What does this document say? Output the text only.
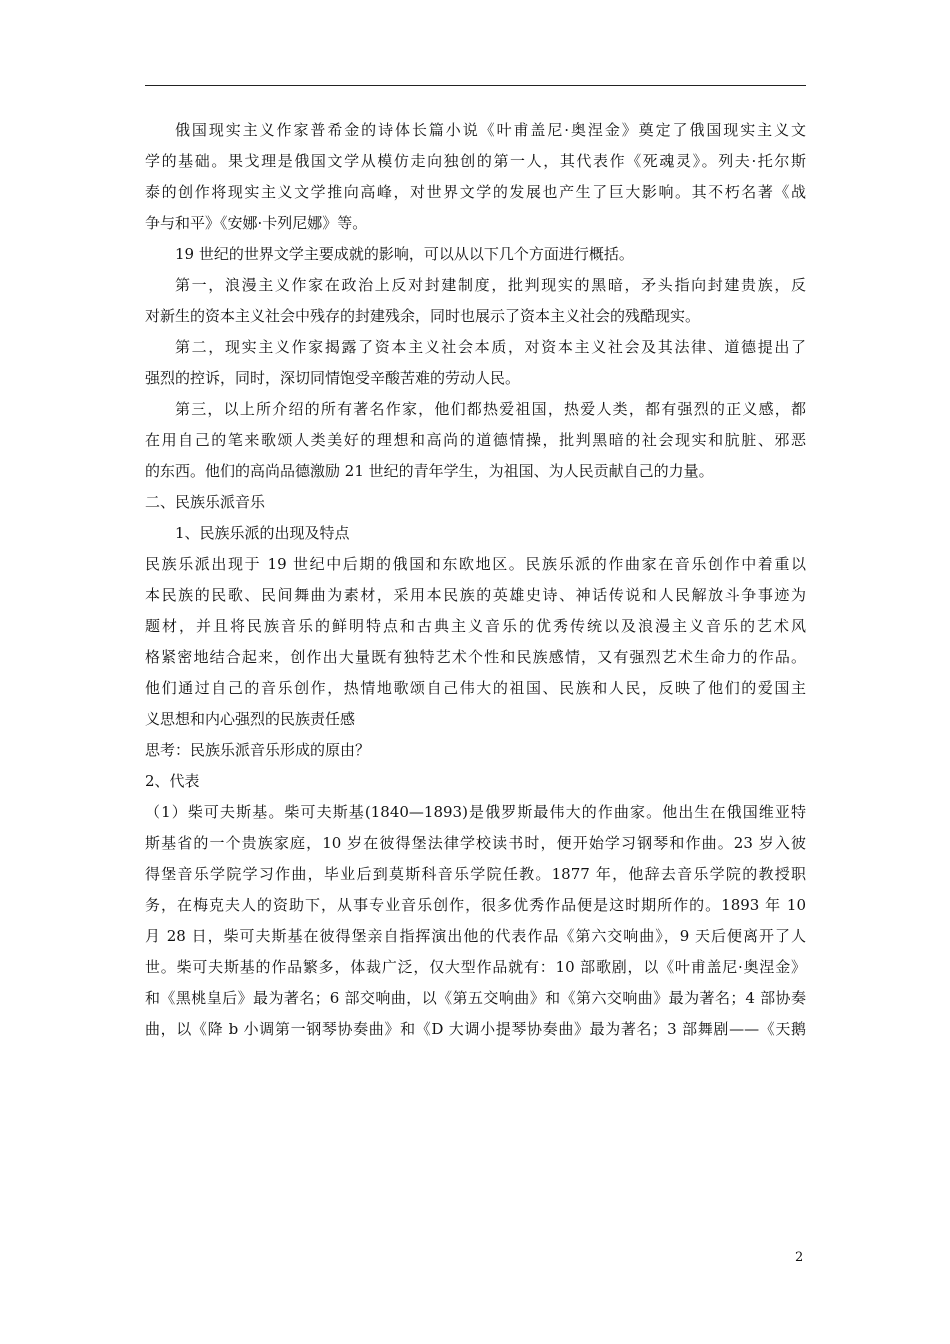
俄国现实主义作家普希金的诗体长篇小说《叶甫盖尼·奥涅金》奠定了俄国现实主义文
学的基础。果戈理是俄国文学从模仿走向独创的第一人，其代表作《死魂灵》。列夫·托尔斯
泰的创作将现实主义文学推向高峰，对世界文学的发展也产生了巨大影响。其不朽名著《战
争与和平》《安娜·卡列尼娜》等。
19 世纪的世界文学主要成就的影响，可以从以下几个方面进行概括。
第一，浪漫主义作家在政治上反对封建制度，批判现实的黑暗，矛头指向封建贵族，反
对新生的资本主义社会中残存的封建残余，同时也展示了资本主义社会的残酷现实。
第二，现实主义作家揭露了资本主义社会本质，对资本主义社会及其法律、道德提出了
强烈的控诉，同时，深切同情饱受辛酸苦难的劳动人民。
第三，以上所介绍的所有著名作家，他们都热爱祖国，热爱人类，都有强烈的正义感，都
在用自己的笔来歌颂人类美好的理想和高尚的道德情操，批判黑暗的社会现实和肮脏、邪恶
的东西。他们的高尚品德激励 21 世纪的青年学生，为祖国、为人民贡献自己的力量。
二、民族乐派音乐
1、民族乐派的出现及特点
民族乐派出现于 19 世纪中后期的俄国和东欧地区。民族乐派的作曲家在音乐创作中着重以
本民族的民歌、民间舞曲为素材，采用本民族的英雄史诗、神话传说和人民解放斗争事迹为
题材，并且将民族音乐的鲜明特点和古典主义音乐的优秀传统以及浪漫主义音乐的艺术风
格紧密地结合起来，创作出大量既有独特艺术个性和民族感情，又有强烈艺术生命力的作品。
他们通过自己的音乐创作，热情地歌颂自己伟大的祖国、民族和人民，反映了他们的爱国主
义思想和内心强烈的民族责任感
思考：民族乐派音乐形成的原由？
2、代表
（1）柴可夫斯基。柴可夫斯基(1840—1893)是俄罗斯最伟大的作曲家。他出生在俄国维亚特
斯基省的一个贵族家庭，10 岁在彼得堡法律学校读书时，便开始学习钢琴和作曲。23 岁入彼
得堡音乐学院学习作曲，毕业后到莫斯科音乐学院任教。1877 年，他辞去音乐学院的教授职
务，在梅克夫人的资助下，从事专业音乐创作，很多优秀作品便是这时期所作的。1893 年 10
月 28 日，柴可夫斯基在彼得堡亲自指挥演出他的代表作品《第六交响曲》，9 天后便离开了人
世。柴可夫斯基的作品繁多，体裁广泛，仅大型作品就有：10 部歌剧，以《叶甫盖尼·奥涅金》
和《黑桃皇后》最为著名；6 部交响曲，以《第五交响曲》和《第六交响曲》最为著名；4 部协奏
曲，以《降 b 小调第一钢琴协奏曲》和《D 大调小提琴协奏曲》最为著名；3 部舞剧——《天鹅
2
